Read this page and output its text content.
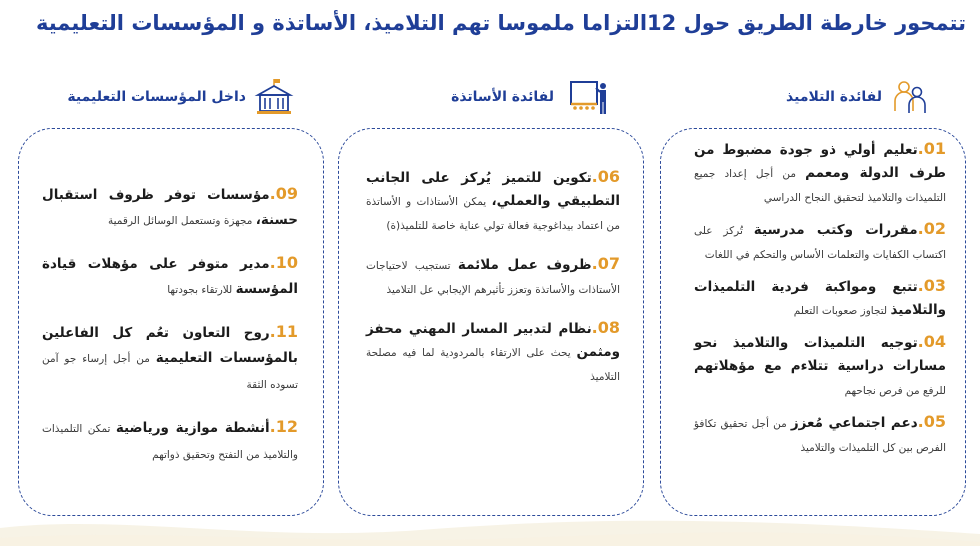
تتمحور خارطة الطريق حول 12التزاما ملموسا تهم التلاميذ، الأساتذة و المؤسسات التعليمية
لفائدة التلاميذ
لفائدة الأساتذة
داخل المؤسسات التعليمية

01.تعليم أولي ذو جودة مضبوط من طرف الدولة ومعمم من أجل إعداد جميع التلميذات والتلاميذ لتحقيق النجاح الدراسي

02.مقررات وكتب مدرسية تُركز على اكتساب الكفايات والتعلمات الأساس والتحكم في اللغات

03.تتبع ومواكبة فردية التلميذات والتلاميذ لتجاوز صعوبات التعلم

04.توجيه التلميذات والتلاميذ نحو مسارات دراسية تتلاءم مع مؤهلاتهم للرفع من فرص نجاحهم

05.دعم اجتماعي مُعزز من أجل تحقيق تكافؤ الفرص بين كل التلميذات والتلاميذ

06.تكوين للتميز يُركز على الجانب التطبيقي والعملي، يمكن الأستاذات و الأساتذة من اعتماد بيداغوجية فعالة تولي عناية خاصة للتلميذ(ة)

07.ظروف عمل ملائمة تستجيب لاحتياجات الأستاذات والأساتذة وتعزز تأثيرهم الإيجابي عل التلاميذ

08.نظام لتدبير المسار المهني محفز ومثمن يحث على الارتقاء بالمردودية لما فيه مصلحة التلاميذ

09.مؤسسات توفر ظروف استقبال حسنة، مجهزة وتستعمل الوسائل الرقمية

10.مدير متوفر على مؤهلات قيادة المؤسسة للارتقاء بجودتها

11.روح التعاون تعُم كل الفاعلين بالمؤسسات التعليمية من أجل إرساء جو آمن تسوده الثقة

12.أنشطة موازية ورياضية تمكن التلميذات والتلاميذ من التفتح وتحقيق ذواتهم
